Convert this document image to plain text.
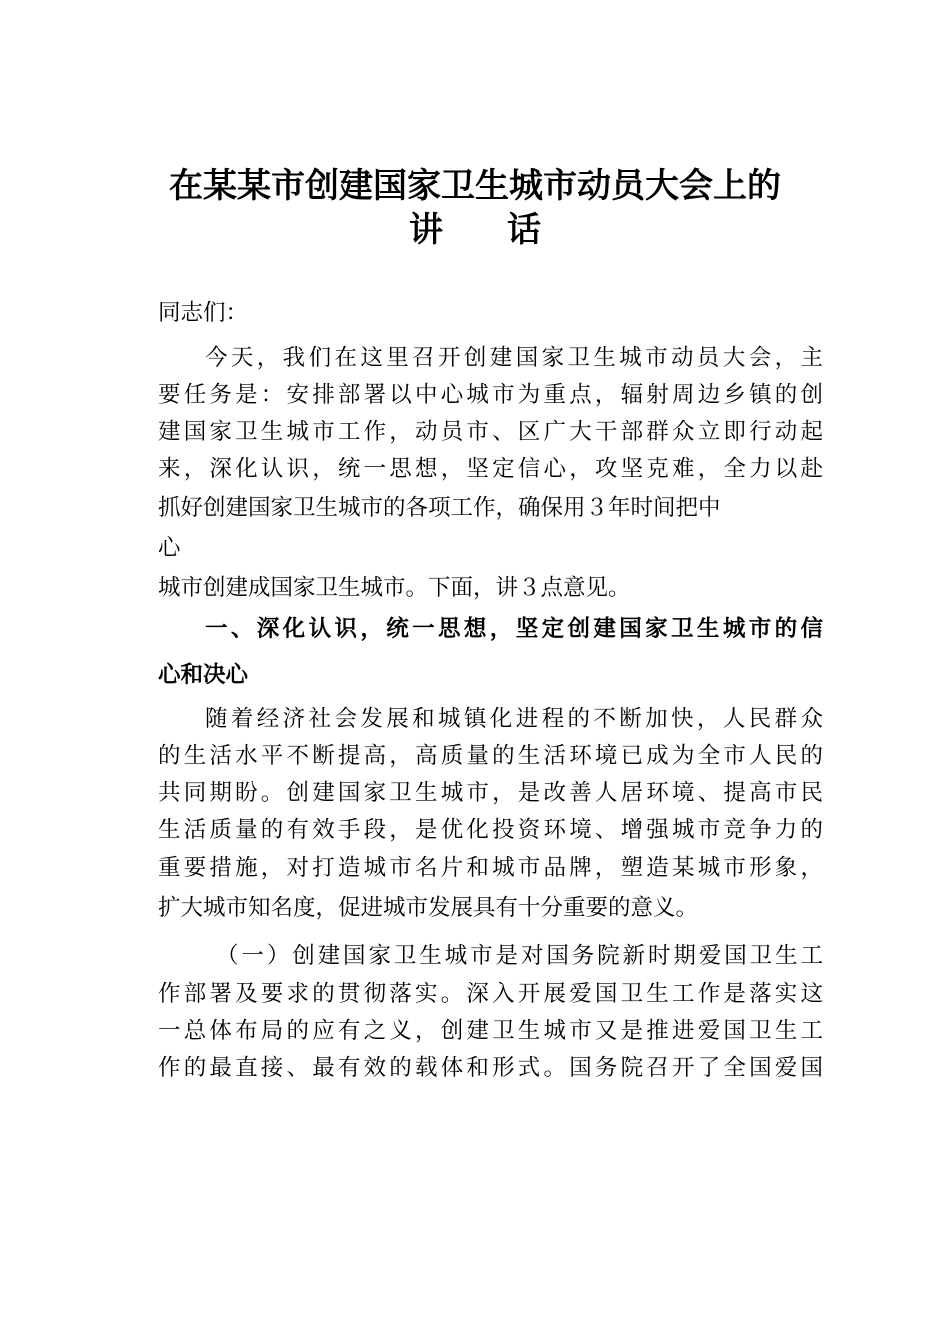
在某某市创建国家卫生城市动员大会上的
讲话

同志们：

今天，我们在这里召开创建国家卫生城市动员大会，主

要任务是：安排部署以中心城市为重点，辐射周边乡镇的创

建国家卫生城市工作，动员市、区广大干部群众立即行动起

来，深化认识，统一思想，坚定信心，攻坚克难，全力以赴

抓好创建国家卫生城市的各项工作，确保用３年时间把中

心

城市创建成国家卫生城市。下面，讲３点意见。

一、深化认识，统一思想，坚定创建国家卫生城市的信
心和决心

随着经济社会发展和城镇化进程的不断加快，人民群众

的生活水平不断提高，高质量的生活环境已成为全市人民的

共同期盼。创建国家卫生城市，是改善人居环境、提高市民

生活质量的有效手段，是优化投资环境、增强城市竞争力的

重要措施，对打造城市名片和城市品牌，塑造某城市形象，

扩大城市知名度，促进城市发展具有十分重要的意义。

（一）创建国家卫生城市是对国务院新时期爱国卫生工

作部署及要求的贯彻落实。深入开展爱国卫生工作是落实这

一总体布局的应有之义，创建卫生城市又是推进爱国卫生工

作的最直接、最有效的载体和形式。国务院召开了全国爱国
